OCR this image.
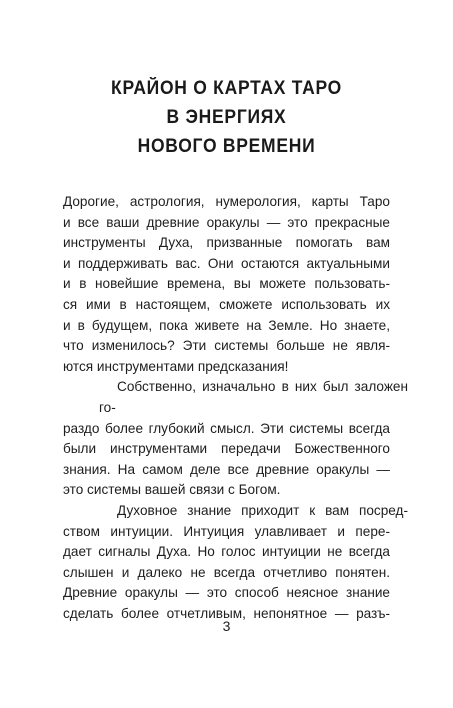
КРАЙОН О КАРТАХ ТАРО
В ЭНЕРГИЯХ
НОВОГО ВРЕМЕНИ
Дорогие, астрология, нумерология, карты Таро
и все ваши древние оракулы — это прекрасные
инструменты Духа, призванные помогать вам
и поддерживать вас. Они остаются актуальными
и в новейшие времена, вы можете пользовать-
ся ими в настоящем, сможете использовать их
и в будущем, пока живете на Земле. Но знаете,
что изменилось? Эти системы больше не явля-
ются инструментами предсказания!
Собственно, изначально в них был заложен го-
раздо более глубокий смысл. Эти системы всегда
были инструментами передачи Божественного
знания. На самом деле все древние оракулы —
это системы вашей связи с Богом.
Духовное знание приходит к вам посред-
ством интуиции. Интуиция улавливает и пере-
дает сигналы Духа. Но голос интуиции не всегда
слышен и далеко не всегда отчетливо понятен.
Древние оракулы — это способ неясное знание
сделать более отчетливым, непонятное — разъ-
3
